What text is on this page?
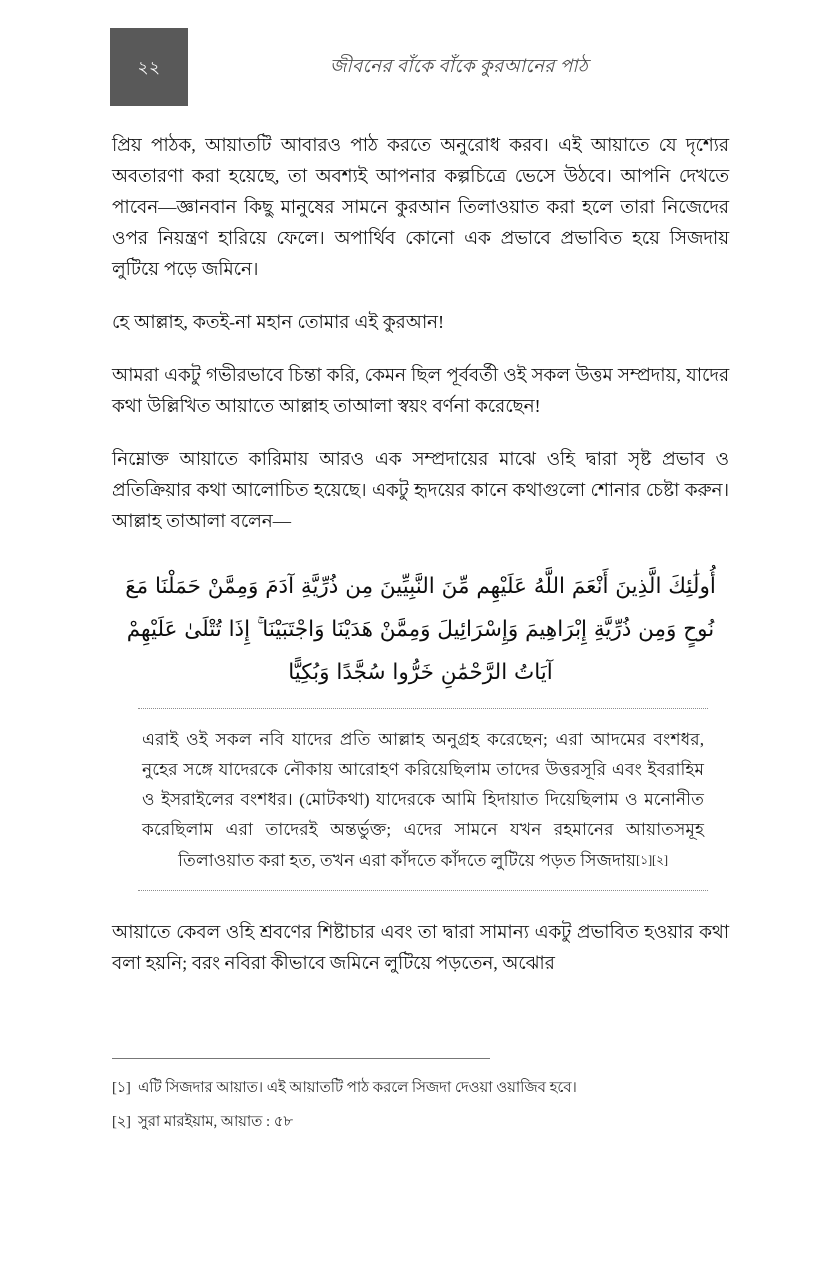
২২	জীবনের বাঁকে বাঁকে কুরআনের পাঠ

প্রিয় পাঠক, আয়াতটি আবারও পাঠ করতে অনুরোধ করব। এই আয়াতে যে দৃশ্যের অবতারণা করা হয়েছে, তা অবশ্যই আপনার কল্পচিত্রে ভেসে উঠবে। আপনি দেখতে পাবেন—জ্ঞানবান কিছু মানুষের সামনে কুরআন তিলাওয়াত করা হলে তারা নিজেদের ওপর নিয়ন্ত্রণ হারিয়ে ফেলে। অপার্থিব কোনো এক প্রভাবে প্রভাবিত হয়ে সিজদায় লুটিয়ে পড়ে জমিনে।

হে আল্লাহ, কতই-না মহান তোমার এই কুরআন!

আমরা একটু গভীরভাবে চিন্তা করি, কেমন ছিল পূর্ববর্তী ওই সকল উত্তম সম্প্রদায়, যাদের কথা উল্লিখিত আয়াতে আল্লাহ তাআলা স্বয়ং বর্ণনা করেছেন!

নিম্নোক্ত আয়াতে কারিমায় আরও এক সম্প্রদায়ের মাঝে ওহি দ্বারা সৃষ্ট প্রভাব ও প্রতিক্রিয়ার কথা আলোচিত হয়েছে। একটু হৃদয়ের কানে কথাগুলো শোনার চেষ্টা করুন। আল্লাহ তাআলা বলেন—

أُولَٰئِكَ الَّذِينَ أَنْعَمَ اللَّهُ عَلَيْهِم مِّنَ النَّبِيِّينَ مِن ذُرِّيَّةِ آدَمَ وَمِمَّنْ حَمَلْنَا مَعَ
نُوحٍ وَمِن ذُرِّيَّةِ إِبْرَاهِيمَ وَإِسْرَائِيلَ وَمِمَّنْ هَدَيْنَا وَاجْتَبَيْنَا ۚ إِذَا تُتْلَىٰ عَلَيْهِمْ
آيَاتُ الرَّحْمَٰنِ خَرُّوا سُجَّدًا وَبُكِيًّا

এরাই ওই সকল নবি যাদের প্রতি আল্লাহ অনুগ্রহ করেছেন; এরা আদমের বংশধর, নুহের সঙ্গে যাদেরকে নৌকায় আরোহণ করিয়েছিলাম তাদের উত্তরসূরি এবং ইবরাহিম ও ইসরাইলের বংশধর। (মোটকথা) যাদেরকে আমি হিদায়াত দিয়েছিলাম ও মনোনীত করেছিলাম এরা তাদেরই অন্তর্ভুক্ত; এদের সামনে যখন রহমানের আয়াতসমূহ তিলাওয়াত করা হত, তখন এরা কাঁদতে কাঁদতে লুটিয়ে পড়ত সিজদায়[১][২]

আয়াতে কেবল ওহি শ্রবণের শিষ্টাচার এবং তা দ্বারা সামান্য একটু প্রভাবিত হওয়ার কথা বলা হয়নি; বরং নবিরা কীভাবে জমিনে লুটিয়ে পড়তেন, অঝোর

[১] এটি সিজদার আয়াত। এই আয়াতটি পাঠ করলে সিজদা দেওয়া ওয়াজিব হবে।
[২] সুরা মারইয়াম, আয়াত : ৫৮
